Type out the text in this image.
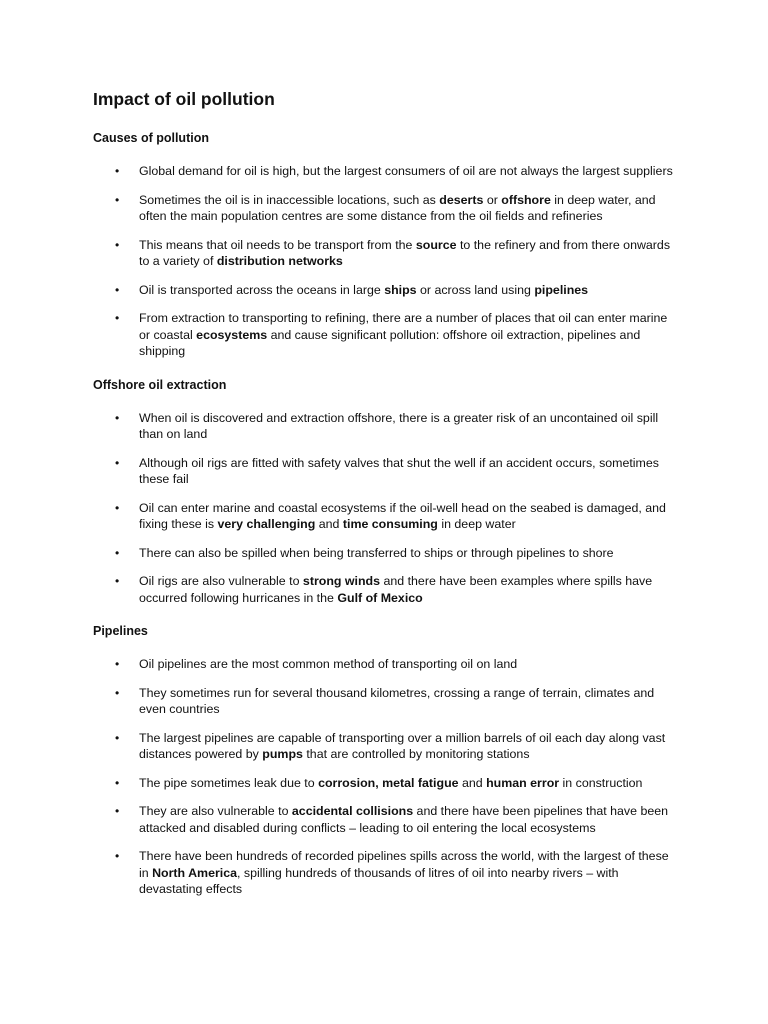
Impact of oil pollution
Causes of pollution
• Global demand for oil is high, but the largest consumers of oil are not always the largest suppliers
• Sometimes the oil is in inaccessible locations, such as deserts or offshore in deep water, and often the main population centres are some distance from the oil fields and refineries
• This means that oil needs to be transport from the source to the refinery and from there onwards to a variety of distribution networks
• Oil is transported across the oceans in large ships or across land using pipelines
• From extraction to transporting to refining, there are a number of places that oil can enter marine or coastal ecosystems and cause significant pollution: offshore oil extraction, pipelines and shipping
Offshore oil extraction
• When oil is discovered and extraction offshore, there is a greater risk of an uncontained oil spill than on land
• Although oil rigs are fitted with safety valves that shut the well if an accident occurs, sometimes these fail
• Oil can enter marine and coastal ecosystems if the oil-well head on the seabed is damaged, and fixing these is very challenging and time consuming in deep water
• There can also be spilled when being transferred to ships or through pipelines to shore
• Oil rigs are also vulnerable to strong winds and there have been examples where spills have occurred following hurricanes in the Gulf of Mexico
Pipelines
• Oil pipelines are the most common method of transporting oil on land
• They sometimes run for several thousand kilometres, crossing a range of terrain, climates and even countries
• The largest pipelines are capable of transporting over a million barrels of oil each day along vast distances powered by pumps that are controlled by monitoring stations
• The pipe sometimes leak due to corrosion, metal fatigue and human error in construction
• They are also vulnerable to accidental collisions and there have been pipelines that have been attacked and disabled during conflicts – leading to oil entering the local ecosystems
• There have been hundreds of recorded pipelines spills across the world, with the largest of these in North America, spilling hundreds of thousands of litres of oil into nearby rivers – with devastating effects
